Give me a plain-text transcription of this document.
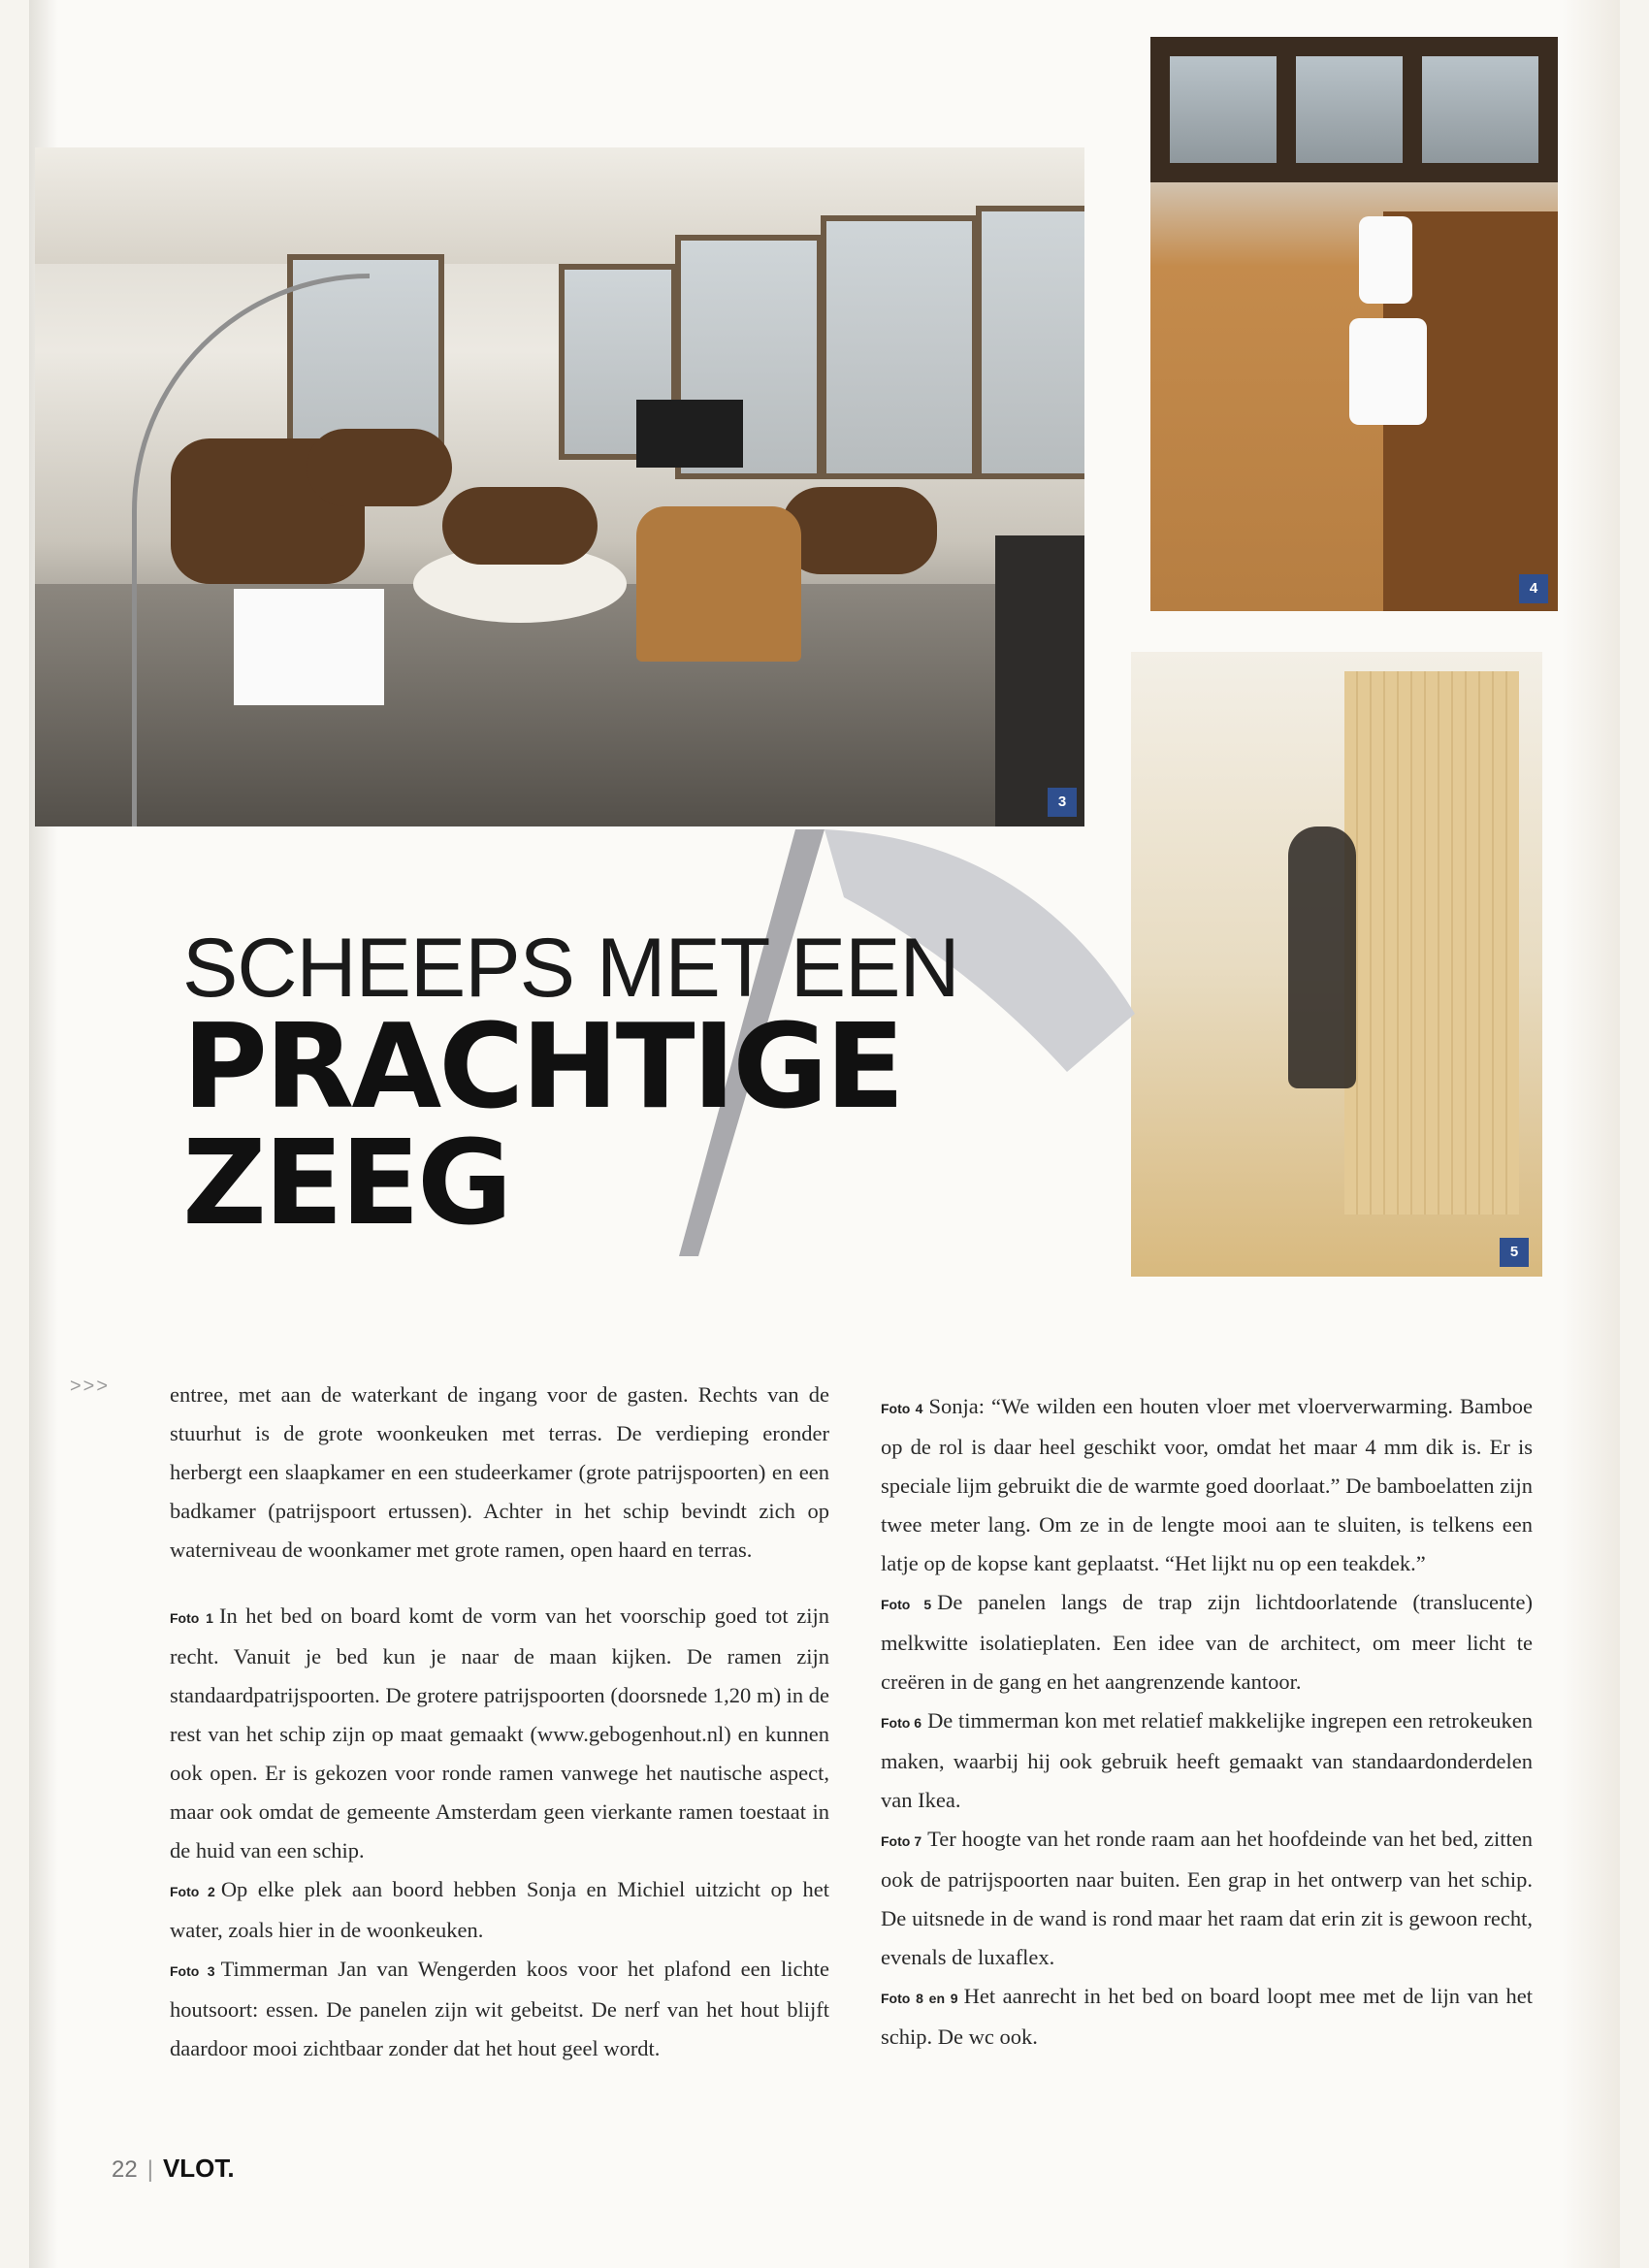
3
4
5
SCHEEPS MET EEN
PRACHTIGE
ZEEG
>>>	entree, met aan de waterkant de ingang voor de gasten. Rechts van de stuurhut is de grote woonkeuken met terras. De verdieping eronder herbergt een slaapkamer en een studeerkamer (grote patrijspoorten) en een badkamer (patrijspoort ertussen). Achter in het schip bevindt zich op waterniveau de woonkamer met grote ramen, open haard en terras.

Foto 1 In het bed on board komt de vorm van het voorschip goed tot zijn recht. Vanuit je bed kun je naar de maan kijken. De ramen zijn standaardpatrijspoorten. De grotere patrijspoorten (doorsnede 1,20 m) in de rest van het schip zijn op maat gemaakt (www.gebogenhout.nl) en kunnen ook open. Er is gekozen voor ronde ramen vanwege het nautische aspect, maar ook omdat de gemeente Amsterdam geen vierkante ramen toestaat in de huid van een schip.
Foto 2 Op elke plek aan boord hebben Sonja en Michiel uitzicht op het water, zoals hier in de woonkeuken.
Foto 3 Timmerman Jan van Wengerden koos voor het plafond een lichte houtsoort: essen. De panelen zijn wit gebeitst. De nerf van het hout blijft daardoor mooi zichtbaar zonder dat het hout geel wordt.
Foto 4 Sonja: “We wilden een houten vloer met vloerverwarming. Bamboe op de rol is daar heel geschikt voor, omdat het maar 4 mm dik is. Er is speciale lijm gebruikt die de warmte goed doorlaat.” De bamboelatten zijn twee meter lang. Om ze in de lengte mooi aan te sluiten, is telkens een latje op de kopse kant geplaatst. “Het lijkt nu op een teakdek.”
Foto 5 De panelen langs de trap zijn lichtdoorlatende (translucente) melkwitte isolatieplaten. Een idee van de architect, om meer licht te creëren in de gang en het aangrenzende kantoor.
Foto 6 De timmerman kon met relatief makkelijke ingrepen een retrokeuken maken, waarbij hij ook gebruik heeft gemaakt van standaardonderdelen van Ikea.
Foto 7 Ter hoogte van het ronde raam aan het hoofdeinde van het bed, zitten ook de patrijspoorten naar buiten. Een grap in het ontwerp van het schip. De uitsnede in de wand is rond maar het raam dat erin zit is gewoon recht, evenals de luxaflex.
Foto 8 en 9 Het aanrecht in het bed on board loopt mee met de lijn van het schip. De wc ook.
22 | VLOT.
